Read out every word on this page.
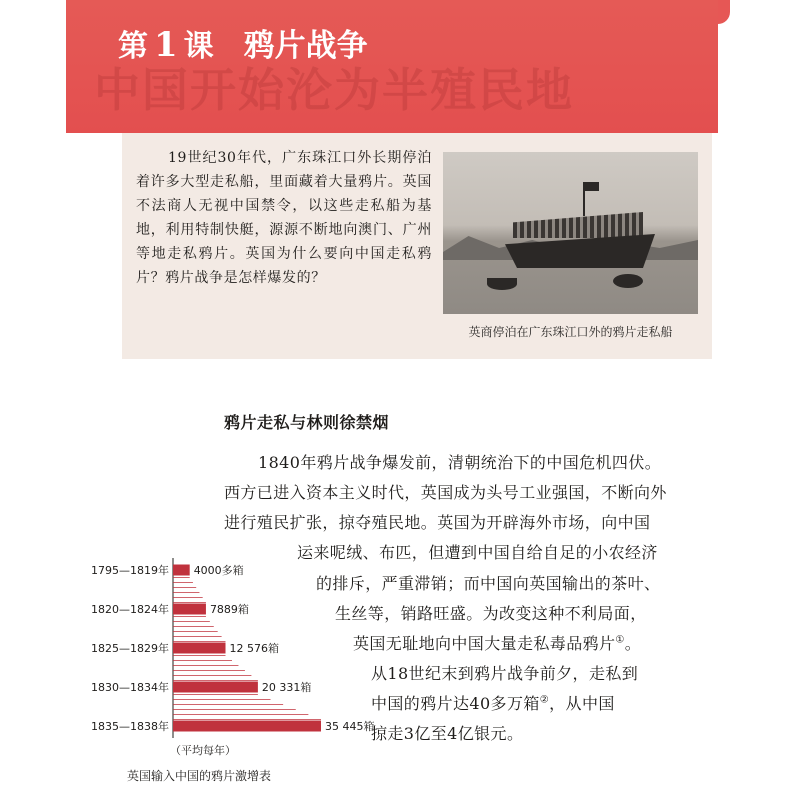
中国开始沦为半殖民地
第 1 课 鸦片战争
19世纪30年代，广东珠江口外长期停泊着许多大型走私船，里面藏着大量鸦片。英国不法商人无视中国禁令，以这些走私船为基地，利用特制快艇，源源不断地向澳门、广州等地走私鸦片。英国为什么要向中国走私鸦片？鸦片战争是怎样爆发的？
英商停泊在广东珠江口外的鸦片走私船
鸦片走私与林则徐禁烟
1840年鸦片战争爆发前，清朝统治下的中国危机四伏。
西方已进入资本主义时代，英国成为头号工业强国，不断向外
进行殖民扩张，掠夺殖民地。英国为开辟海外市场，向中国
运来呢绒、布匹，但遭到中国自给自足的小农经济
的排斥，严重滞销；而中国向英国输出的茶叶、
生丝等，销路旺盛。为改变这种不利局面，
英国无耻地向中国大量走私毒品鸦片①。
从18世纪末到鸦片战争前夕，走私到
中国的鸦片达40多万箱②，从中国
掠走3亿至4亿银元。
1795—1819年 4000多箱
1820—1824年	7889箱
1825—1829年	12 576箱
1830—1834年	20 331箱
1835—1838年	35 445箱
（平均每年）
英国输入中国的鸦片激增表
